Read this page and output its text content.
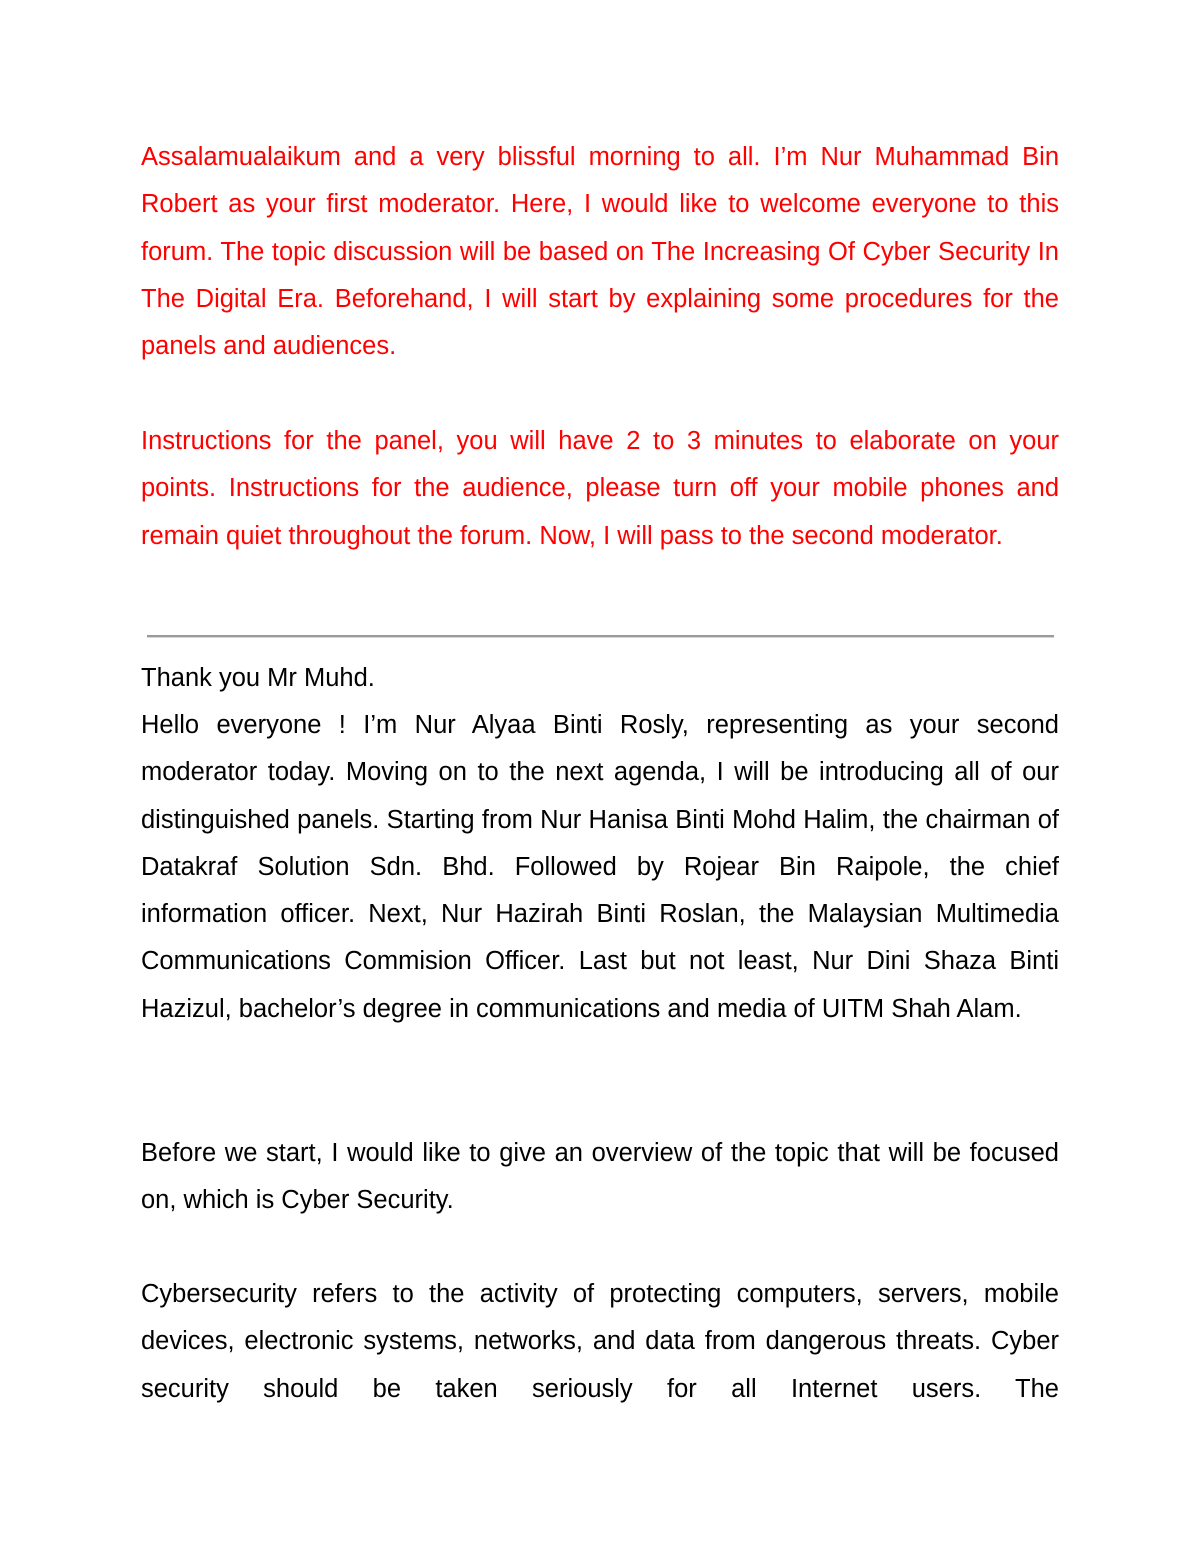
Assalamualaikum and a very blissful morning to all. I’m Nur Muhammad Bin Robert as your first moderator. Here, I would like to welcome everyone to this forum. The topic discussion will be based on The Increasing Of Cyber Security In The Digital Era. Beforehand, I will start by explaining some procedures for the panels and audiences.

Instructions for the panel, you will have 2 to 3 minutes to elaborate on your points. Instructions for the audience, please turn off your mobile phones and remain quiet throughout the forum. Now, I will pass to the second moderator.

Thank you Mr Muhd.

Hello everyone ! I’m Nur Alyaa Binti Rosly, representing as your second moderator today. Moving on to the next agenda, I will be introducing all of our distinguished panels. Starting from Nur Hanisa Binti Mohd Halim, the chairman of Datakraf Solution Sdn. Bhd. Followed by Rojear Bin Raipole, the chief information officer. Next, Nur Hazirah Binti Roslan, the Malaysian Multimedia Communications Commision Officer. Last but not least, Nur Dini Shaza Binti Hazizul, bachelor’s degree in communications and media of UITM Shah Alam.

Before we start, I would like to give an overview of the topic that will be focused on, which is Cyber Security.

Cybersecurity refers to the activity of protecting computers, servers, mobile devices, electronic systems, networks, and data from dangerous threats. Cyber security should be taken seriously for all Internet users. The
